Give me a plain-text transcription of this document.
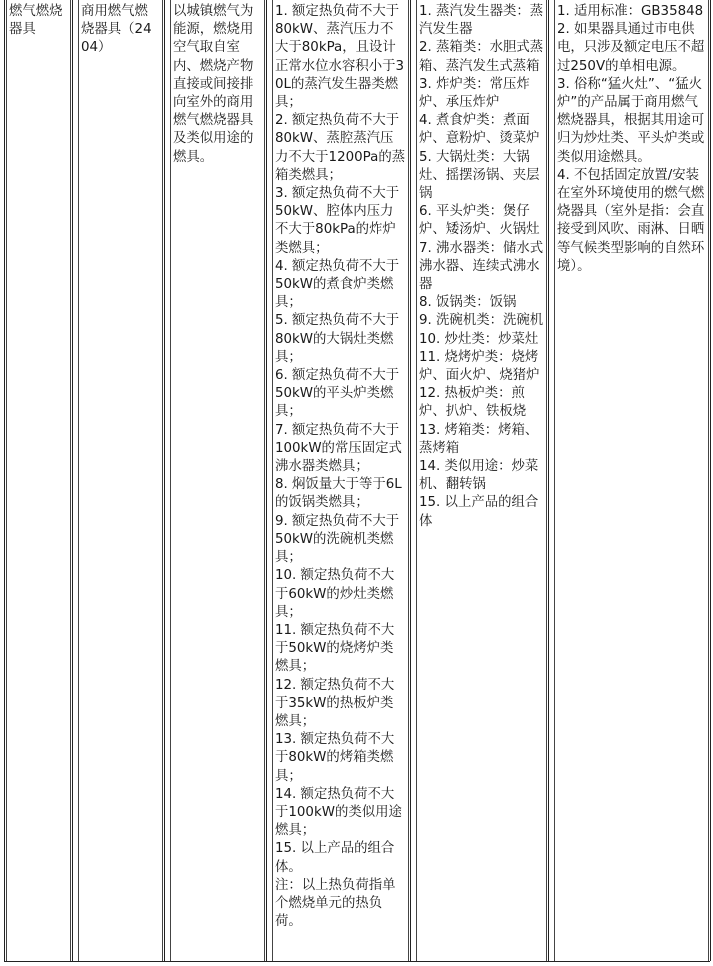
燃气燃烧器具
商用燃气燃烧器具（2404）
以城镇燃气为能源，燃烧用空气取自室内、燃烧产物直接或间接排向室外的商用燃气燃烧器具及类似用途的燃具。
1. 额定热负荷不大于80kW、蒸汽压力不大于80kPa，且设计正常水位水容积小于30L的蒸汽发生器类燃具；
2. 额定热负荷不大于80kW、蒸腔蒸汽压力不大于1200Pa的蒸箱类燃具；
3. 额定热负荷不大于50kW、腔体内压力不大于80kPa的炸炉类燃具；
4. 额定热负荷不大于50kW的煮食炉类燃具；
5. 额定热负荷不大于80kW的大锅灶类燃具；
6. 额定热负荷不大于50kW的平头炉类燃具；
7. 额定热负荷不大于100kW的常压固定式沸水器类燃具；
8. 焖饭量大于等于6L的饭锅类燃具；
9. 额定热负荷不大于50kW的洗碗机类燃具；
10. 额定热负荷不大于60kW的炒灶类燃具；
11. 额定热负荷不大于50kW的烧烤炉类燃具；
12. 额定热负荷不大于35kW的热板炉类燃具；
13. 额定热负荷不大于80kW的烤箱类燃具；
14. 额定热负荷不大于100kW的类似用途燃具；
15. 以上产品的组合体。
注：以上热负荷指单个燃烧单元的热负荷。
1. 蒸汽发生器类：蒸汽发生器
2. 蒸箱类：水胆式蒸箱、蒸汽发生式蒸箱
3. 炸炉类：常压炸炉、承压炸炉
4. 煮食炉类：煮面炉、意粉炉、烫菜炉
5. 大锅灶类：大锅灶、摇摆汤锅、夹层锅
6. 平头炉类：煲仔炉、矮汤炉、火锅灶
7. 沸水器类：储水式沸水器、连续式沸水器
8. 饭锅类：饭锅
9. 洗碗机类：洗碗机
10. 炒灶类：炒菜灶
11. 烧烤炉类：烧烤炉、面火炉、烧猪炉
12. 热板炉类：煎炉、扒炉、铁板烧
13. 烤箱类：烤箱、蒸烤箱
14. 类似用途：炒菜机、翻转锅
15. 以上产品的组合体
1. 适用标准：GB35848
2. 如果器具通过市电供电，只涉及额定电压不超过250V的单相电源。
3. 俗称“猛火灶”、“猛火炉”的产品属于商用燃气燃烧器具，根据其用途可归为炒灶类、平头炉类或类似用途燃具。
4. 不包括固定放置/安装在室外环境使用的燃气燃烧器具（室外是指：会直接受到风吹、雨淋、日晒等气候类型影响的自然环境）。
